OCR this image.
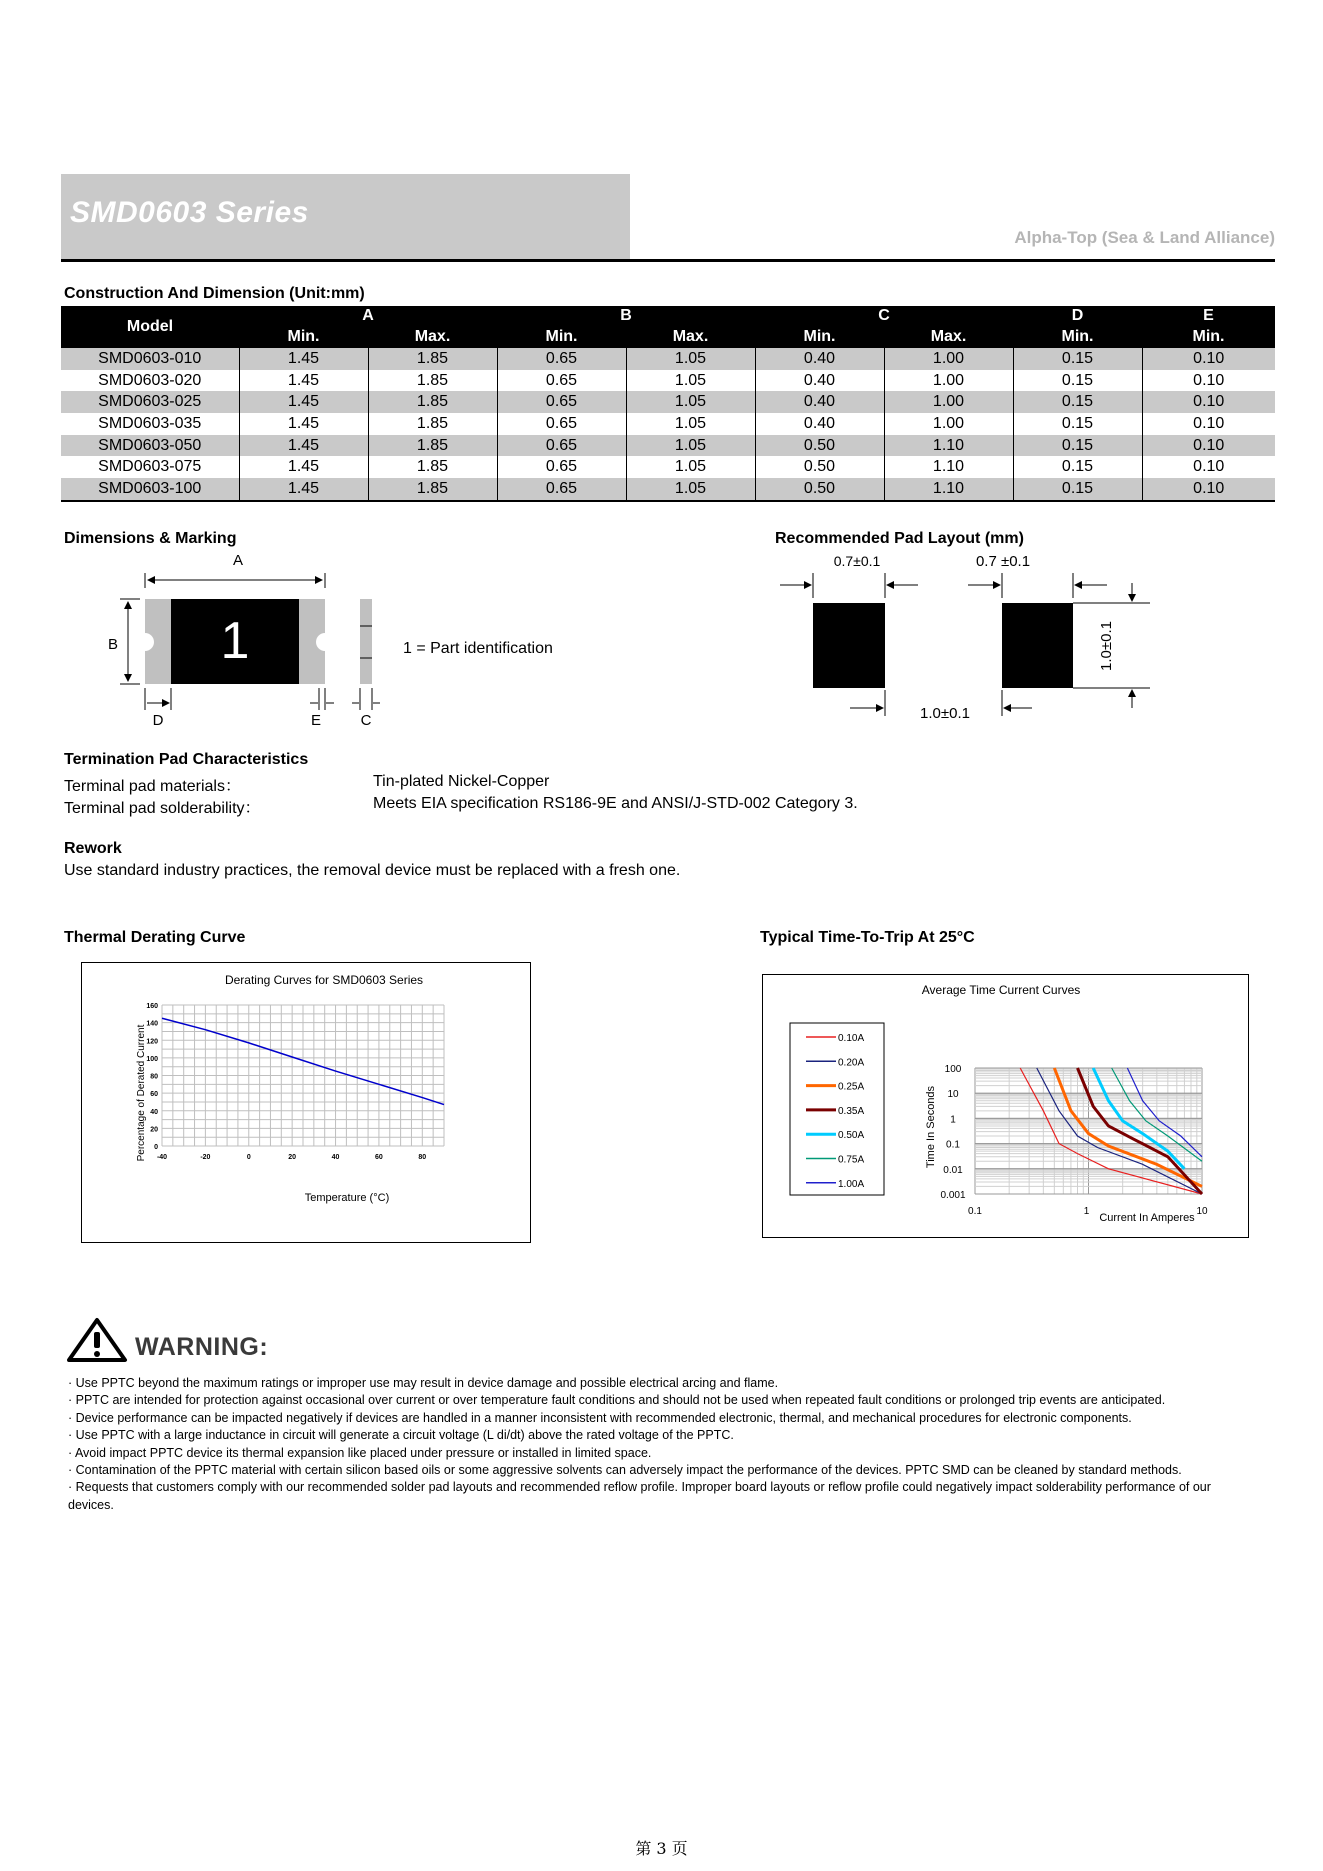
SMD0603 Series
Alpha-Top (Sea & Land Alliance)
Construction And Dimension (Unit:mm)
Model	A		B		C		D	E
	Min.	Max.	Min.	Max.	Min.	Max.	Min.	Min.
SMD0603-010	1.45	1.85	0.65	1.05	0.40	1.00	0.15	0.10
SMD0603-020	1.45	1.85	0.65	1.05	0.40	1.00	0.15	0.10
SMD0603-025	1.45	1.85	0.65	1.05	0.40	1.00	0.15	0.10
SMD0603-035	1.45	1.85	0.65	1.05	0.40	1.00	0.15	0.10
SMD0603-050	1.45	1.85	0.65	1.05	0.50	1.10	0.15	0.10
SMD0603-075	1.45	1.85	0.65	1.05	0.50	1.10	0.15	0.10
SMD0603-100	1.45	1.85	0.65	1.05	0.50	1.10	0.15	0.10
Dimensions & Marking
A
1
B
D	E	C
1 = Part identification
Recommended Pad Layout (mm)
0.7±0.1	0.7 ±0.1
1.0±0.1
1.0±0.1
Termination Pad Characteristics
Terminal pad materials：	Tin-plated Nickel-Copper
Terminal pad solderability：	Meets EIA specification RS186-9E and ANSI/J-STD-002 Category 3.
Rework
Use standard industry practices, the removal device must be replaced with a fresh one.
Thermal Derating Curve	Typical Time-To-Trip At 25°C
Derating Curves for SMD0603 Series
-40	-20	0	20	40	60	80
0
20
40
60
80
100
120
140
160
Temperature (°C)
Percentage of Derated Current
Average Time Current Curves
0.10A
0.20A
0.25A
0.35A
0.50A
0.75A
1.00A
0.1	1	10
100
10
1
0.1
0.01
0.001
Current In Amperes
Time In Seconds
WARNING:
· Use PPTC beyond the maximum ratings or improper use may result in device damage and possible electrical arcing and flame.
· PPTC are intended for protection against occasional over current or over temperature fault conditions and should not be used when repeated fault conditions or prolonged trip events are anticipated.
· Device performance can be impacted negatively if devices are handled in a manner inconsistent with recommended electronic, thermal, and mechanical procedures for electronic components.
· Use PPTC with a large inductance in circuit will generate a circuit voltage (L di/dt) above the rated voltage of the PPTC.
· Avoid impact PPTC device its thermal expansion like placed under pressure or installed in limited space.
· Contamination of the PPTC material with certain silicon based oils or some aggressive solvents can adversely impact the performance of the devices. PPTC SMD can be cleaned by standard methods.
· Requests that customers comply with our recommended solder pad layouts and recommended reflow profile. Improper board layouts or reflow profile could negatively impact solderability performance of our devices.
第 3 页
